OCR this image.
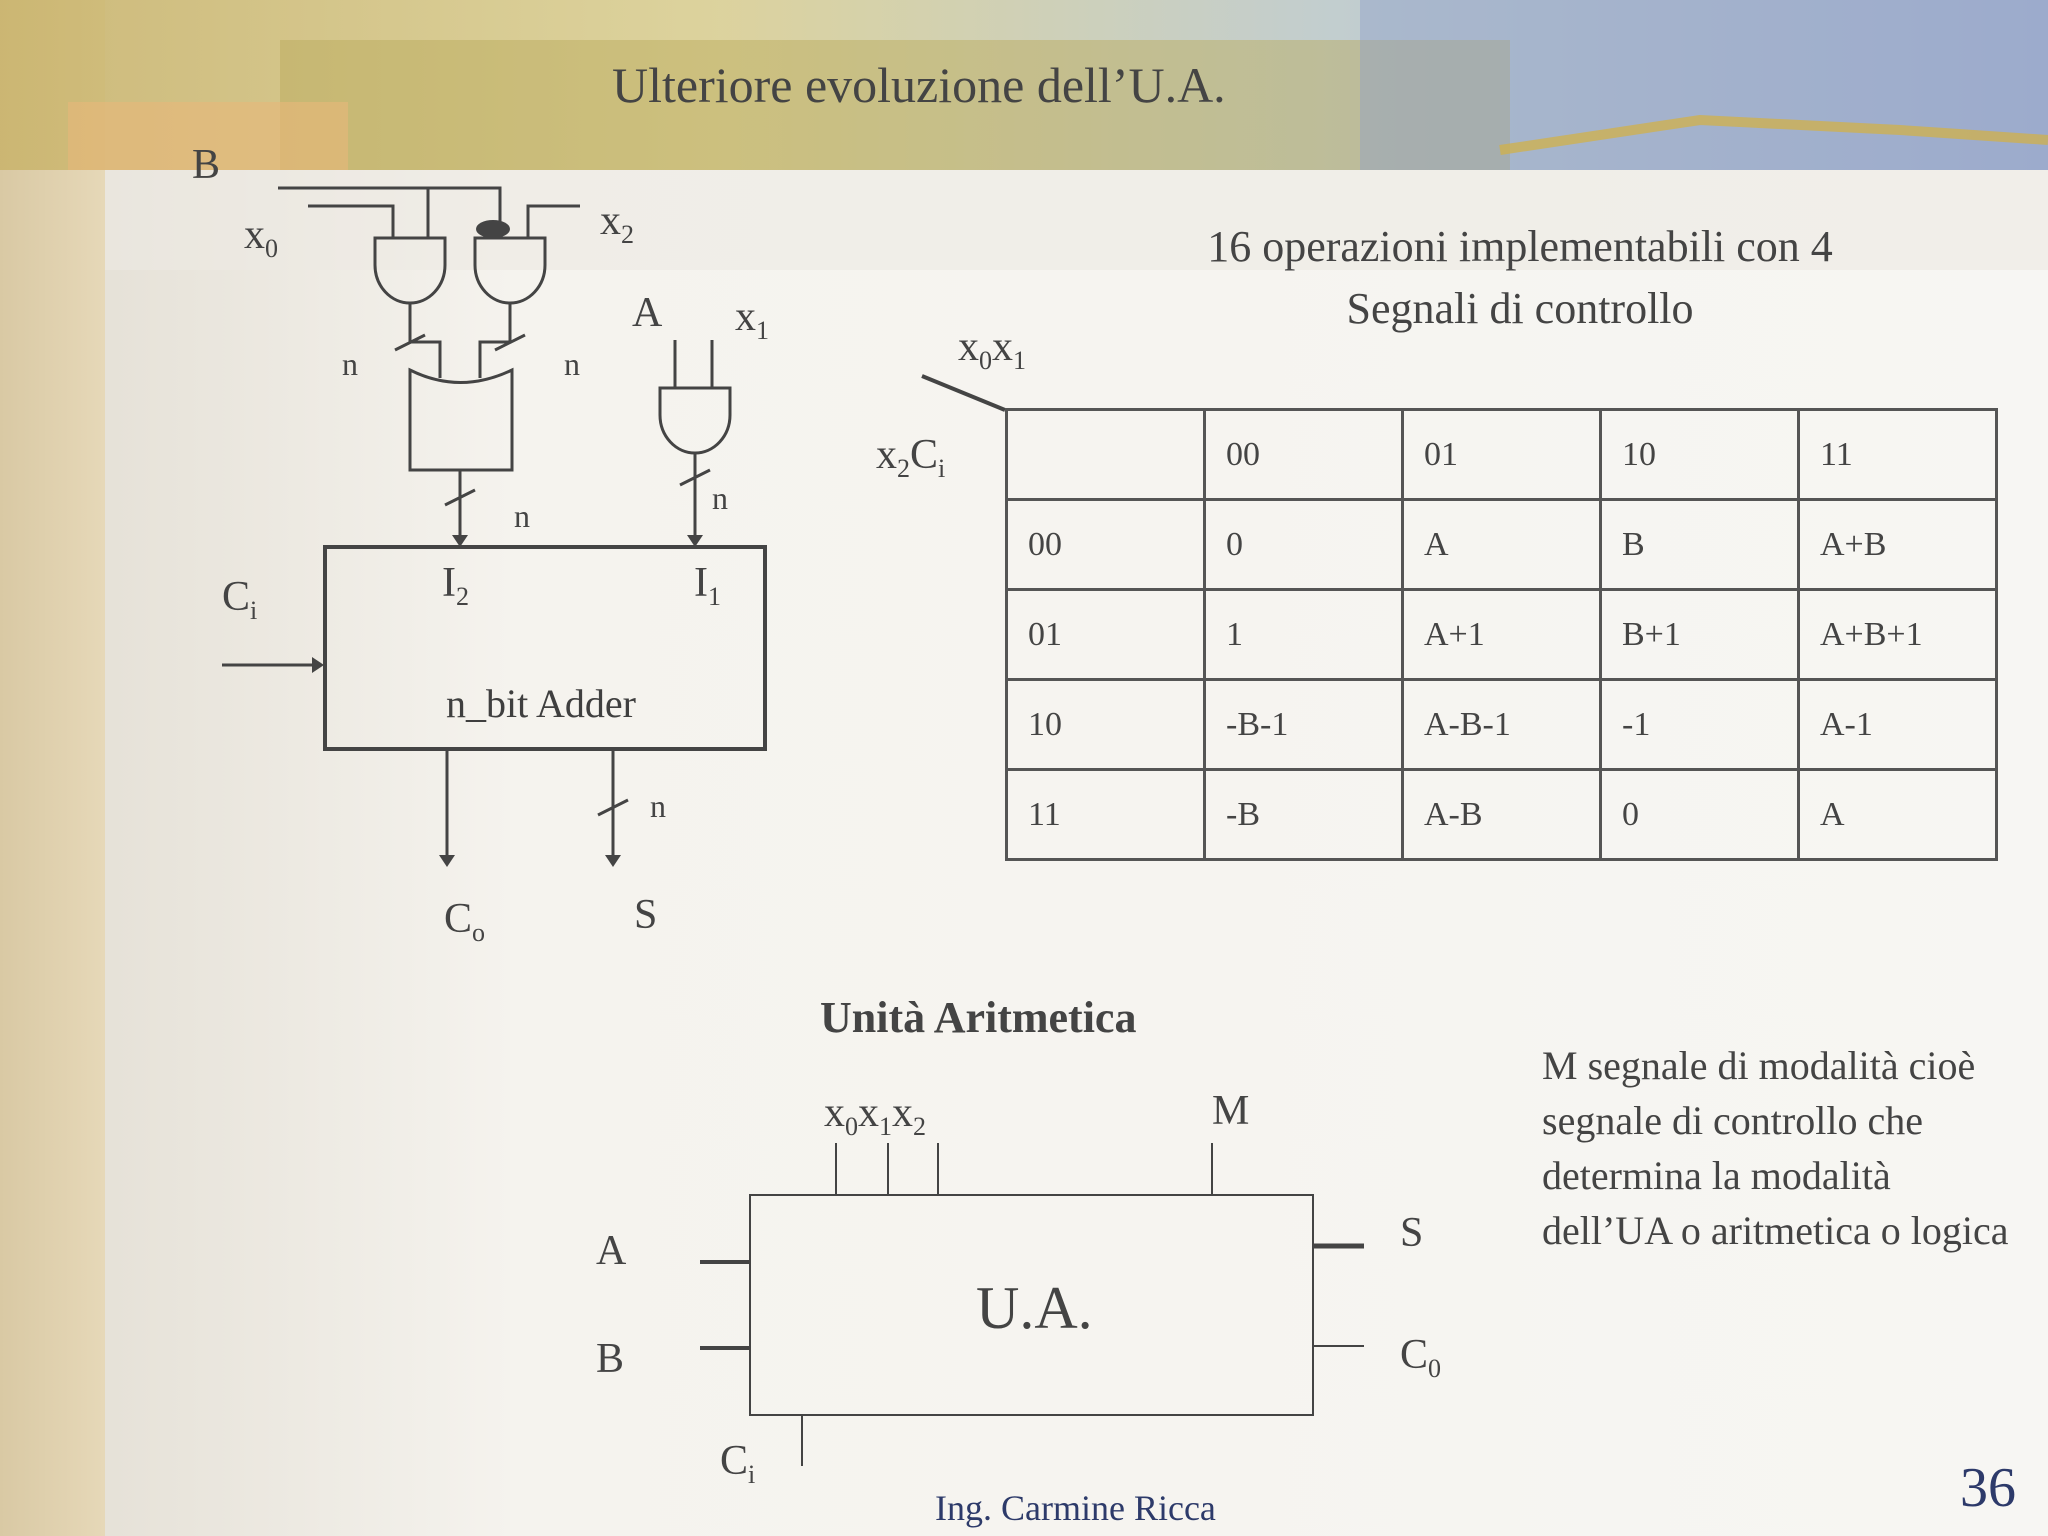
Ulteriore evoluzione dell’U.A.
16 operazioni implementabili con 4
Segnali di controllo
B
$x_0$
$x_2$
A $x_1$
n	n
n
n
$C_i$
$I_2$	$I_1$
n_bit Adder
n
$C_o$	S
$x_0x_1$
$x_2C_i$
		00	01	10	11
00	0	A	B	A+B
01	1	A+1	B+1	A+B+1
10	-B-1	A-B-1	-1	A-1
11	-B	A-B	0	A
Unità Aritmetica
U.A.
$x_0x_1x_2$	M
A
B
S
$C_0$
$C_i$
M segnale di modalità cioè segnale di controllo che determina la modalità dell’UA o aritmetica o logica
Ing. Carmine Ricca	36
